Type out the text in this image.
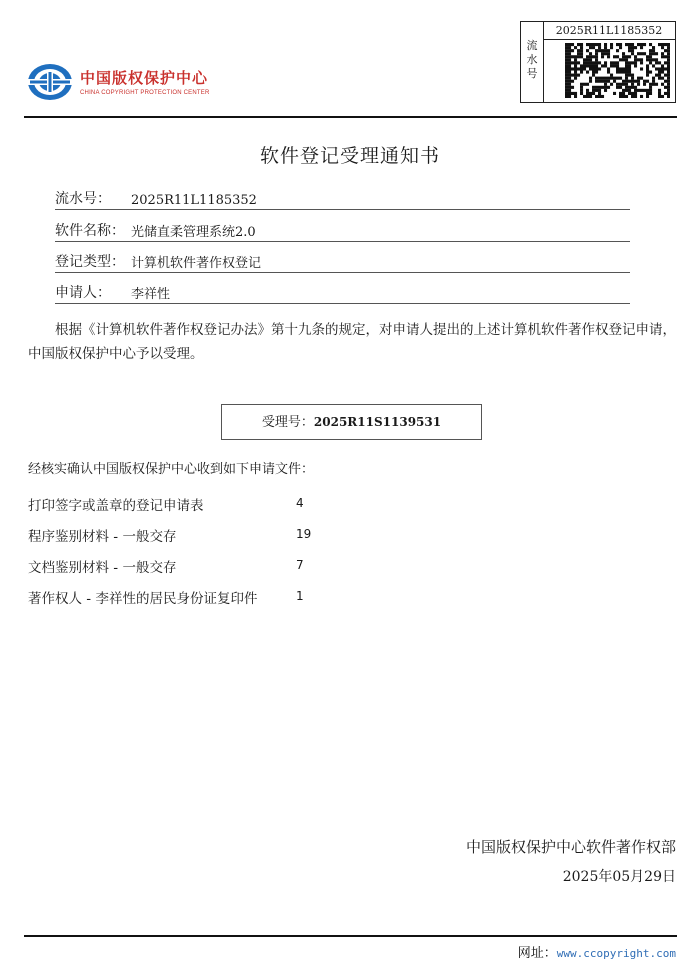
中国版权保护中心
CHINA COPYRIGHT PROTECTION CENTER
流
水
号
2025R11L1185352
软件登记受理通知书
流水号： 2025R11L1185352
软件名称： 光储直柔管理系统2.0
登记类型： 计算机软件著作权登记
申请人： 李祥性
根据《计算机软件著作权登记办法》第十九条的规定，对申请人提出的上述计算机软件著作权登记申请，中国版权保护中心予以受理。
受理号：2025R11S1139531
经核实确认中国版权保护中心收到如下申请文件：
打印签字或盖章的登记申请表	4
程序鉴别材料 - 一般交存	19
文档鉴别材料 - 一般交存	7
著作权人 - 李祥性的居民身份证复印件	1
中国版权保护中心软件著作权部
2025年05月29日
网址：www.ccopyright.com
